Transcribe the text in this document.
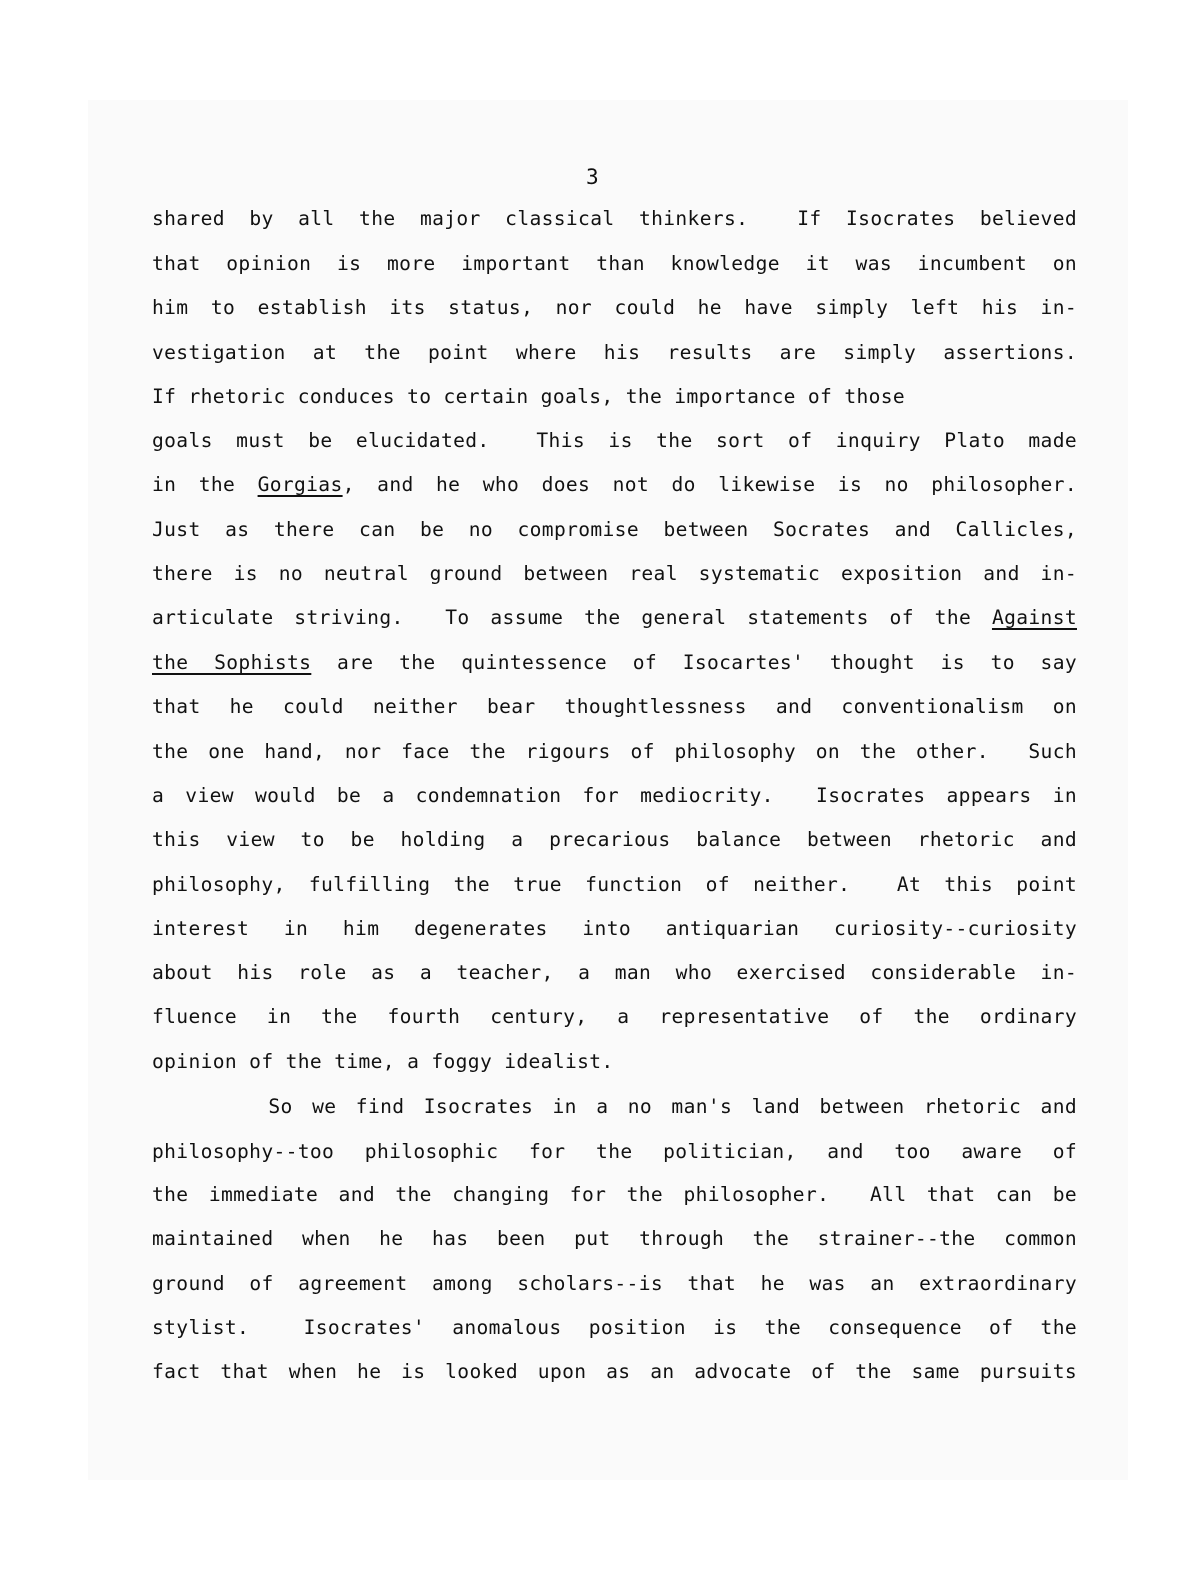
3
shared by all the major classical thinkers.  If Isocrates believed
that opinion is more important than knowledge it was incumbent on
him to establish its status, nor could he have simply left his in-
vestigation at the point where his results are simply assertions.
If rhetoric conduces to certain goals, the importance of those
goals must be elucidated.  This is the sort of inquiry Plato made
in the Gorgias, and he who does not do likewise is no philosopher.
Just as there can be no compromise between Socrates and Callicles,
there is no neutral ground between real systematic exposition and in-
articulate striving.  To assume the general statements of the Against
the Sophists are the quintessence of Isocartes' thought is to say
that he could neither bear thoughtlessness and conventionalism on
the one hand, nor face the rigours of philosophy on the other.  Such
a view would be a condemnation for mediocrity.  Isocrates appears in
this view to be holding a precarious balance between rhetoric and
philosophy, fulfilling the true function of neither.  At this point
interest in him degenerates into antiquarian curiosity--curiosity
about his role as a teacher, a man who exercised considerable in-
fluence in the fourth century, a representative of the ordinary
opinion of the time, a foggy idealist.
So we find Isocrates in a no man's land between rhetoric and
philosophy--too philosophic for the politician, and too aware of
the immediate and the changing for the philosopher.  All that can be
maintained when he has been put through the strainer--the common
ground of agreement among scholars--is that he was an extraordinary
stylist.  Isocrates' anomalous position is the consequence of the
fact that when he is looked upon as an advocate of the same pursuits
